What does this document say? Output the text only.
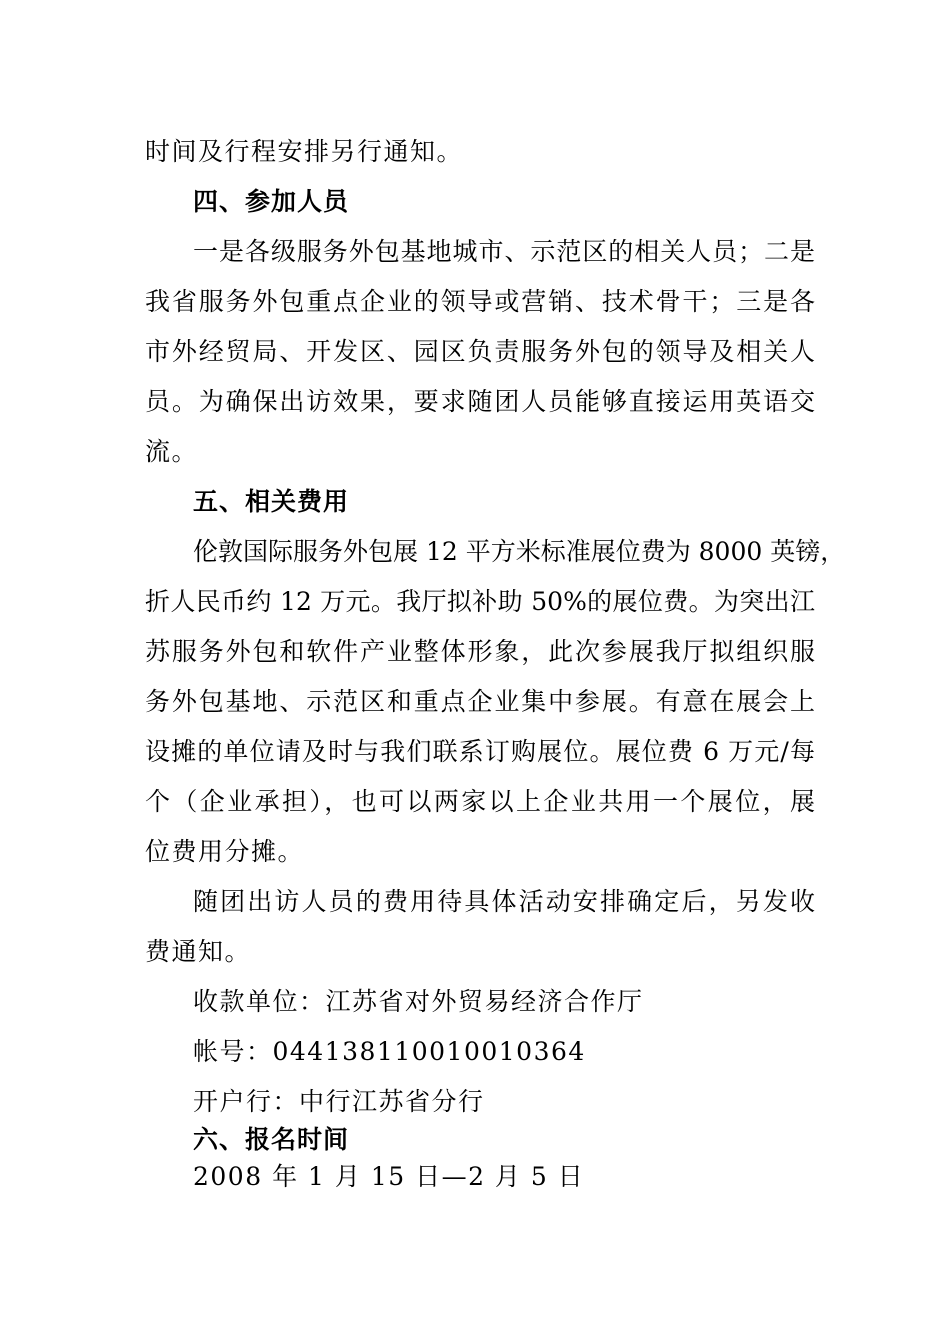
时间及行程安排另行通知。
四、参加人员
一是各级服务外包基地城市、示范区的相关人员；二是
我省服务外包重点企业的领导或营销、技术骨干；三是各
市外经贸局、开发区、园区负责服务外包的领导及相关人
员。为确保出访效果，要求随团人员能够直接运用英语交
流。
五、相关费用
伦敦国际服务外包展 12 平方米标准展位费为 8000 英镑，
折人民币约 12 万元。我厅拟补助 50%的展位费。为突出江
苏服务外包和软件产业整体形象，此次参展我厅拟组织服
务外包基地、示范区和重点企业集中参展。有意在展会上
设摊的单位请及时与我们联系订购展位。展位费 6 万元/每
个（企业承担），也可以两家以上企业共用一个展位，展
位费用分摊。
随团出访人员的费用待具体活动安排确定后，另发收
费通知。
收款单位：江苏省对外贸易经济合作厅
帐号：044138110010010364
开户行：中行江苏省分行
六、报名时间
2008 年 1 月 15 日—2 月 5 日
